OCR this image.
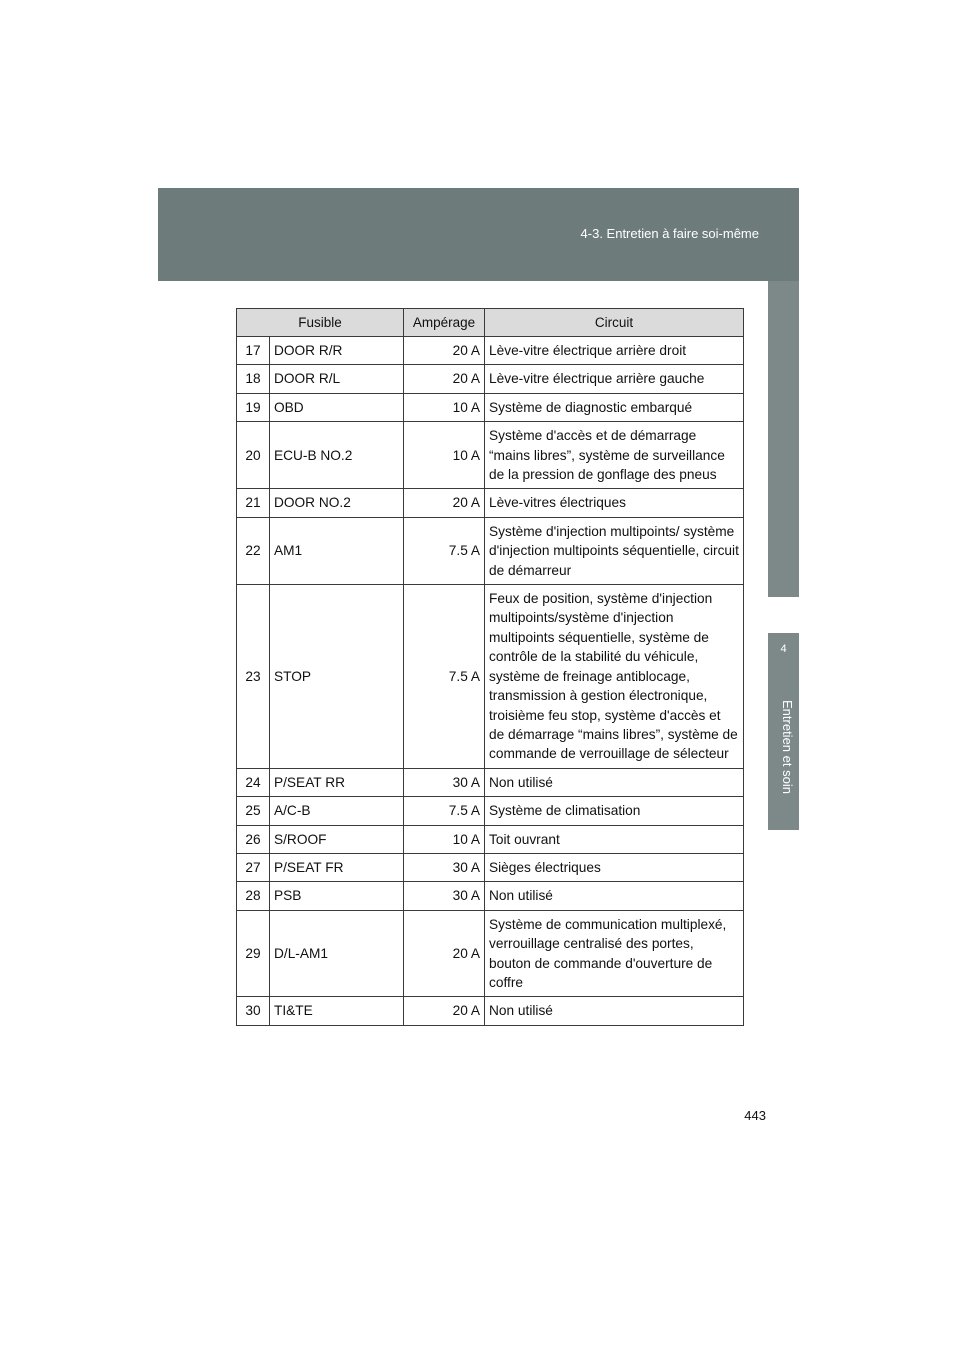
4-3. Entretien à faire soi-même
4
Entretien et soin
Fusible		Ampérage	Circuit
17	DOOR R/R	20 A	Lève-vitre électrique arrière droit
18	DOOR R/L	20 A	Lève-vitre électrique arrière gauche
19	OBD	10 A	Système de diagnostic embarqué
20	ECU-B NO.2	10 A	Système d'accès et de démarrage “mains libres”, système de surveillance de la pression de gonflage des pneus
21	DOOR NO.2	20 A	Lève-vitres électriques
22	AM1	7.5 A	Système d'injection multipoints/ système d'injection multipoints séquentielle, circuit de démarreur
23	STOP	7.5 A	Feux de position, système d'injection multipoints/système d'injection multipoints séquentielle, système de contrôle de la stabilité du véhicule, système de freinage antiblocage, transmission à gestion électronique, troisième feu stop, système d'accès et de démarrage “mains libres”, système de commande de verrouillage de sélecteur
24	P/SEAT RR	30 A	Non utilisé
25	A/C-B	7.5 A	Système de climatisation
26	S/ROOF	10 A	Toit ouvrant
27	P/SEAT FR	30 A	Sièges électriques
28	PSB	30 A	Non utilisé
29	D/L-AM1	20 A	Système de communication multiplexé, verrouillage centralisé des portes, bouton de commande d'ouverture de coffre
30	TI&TE	20 A	Non utilisé
443
